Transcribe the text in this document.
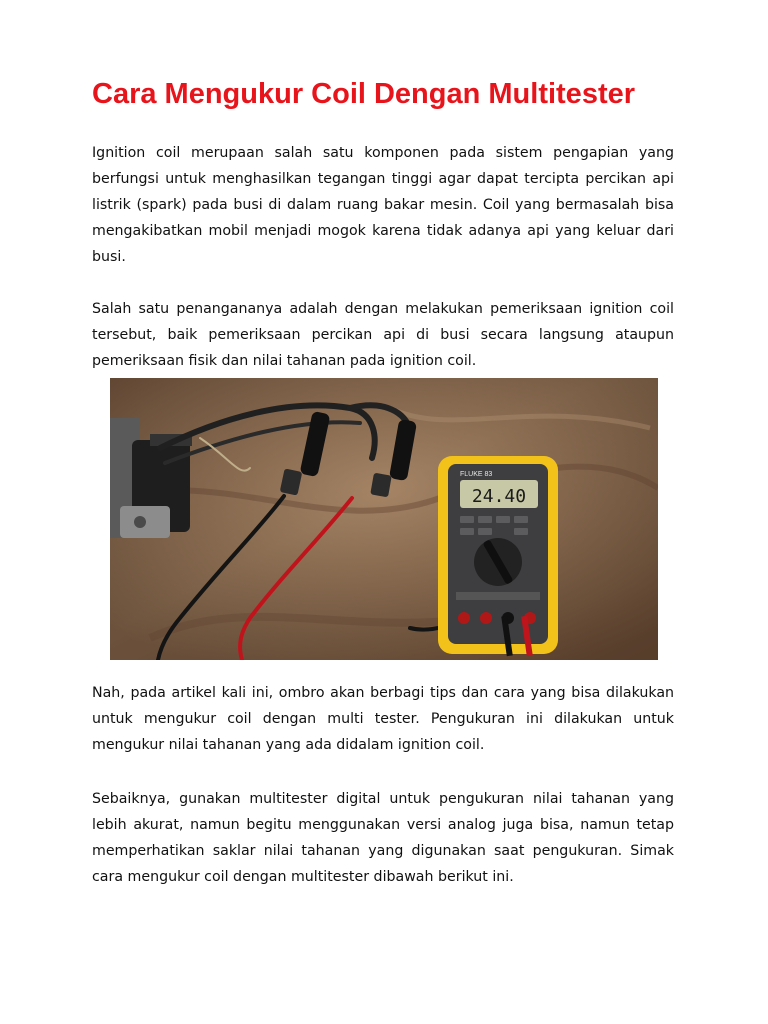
Cara Mengukur Coil Dengan Multitester

Ignition coil merupaan salah satu komponen pada sistem pengapian yang berfungsi untuk menghasilkan tegangan tinggi agar dapat tercipta percikan api listrik (spark) pada busi di dalam ruang bakar mesin. Coil yang bermasalah bisa mengakibatkan mobil menjadi mogok karena tidak adanya api yang keluar dari busi.

Salah satu penangananya adalah dengan melakukan pemeriksaan ignition coil tersebut, baik pemeriksaan percikan api di busi secara langsung ataupun pemeriksaan fisik dan nilai tahanan pada ignition coil.

FLUKE 83
24.40

Nah, pada artikel kali ini, ombro akan berbagi tips dan cara yang bisa dilakukan untuk mengukur coil dengan multi tester. Pengukuran ini dilakukan untuk mengukur nilai tahanan yang ada didalam ignition coil.

Sebaiknya, gunakan multitester digital untuk pengukuran nilai tahanan yang lebih akurat, namun begitu menggunakan versi analog juga bisa, namun tetap memperhatikan saklar nilai tahanan yang digunakan saat pengukuran. Simak cara mengukur coil dengan multitester dibawah berikut ini.
